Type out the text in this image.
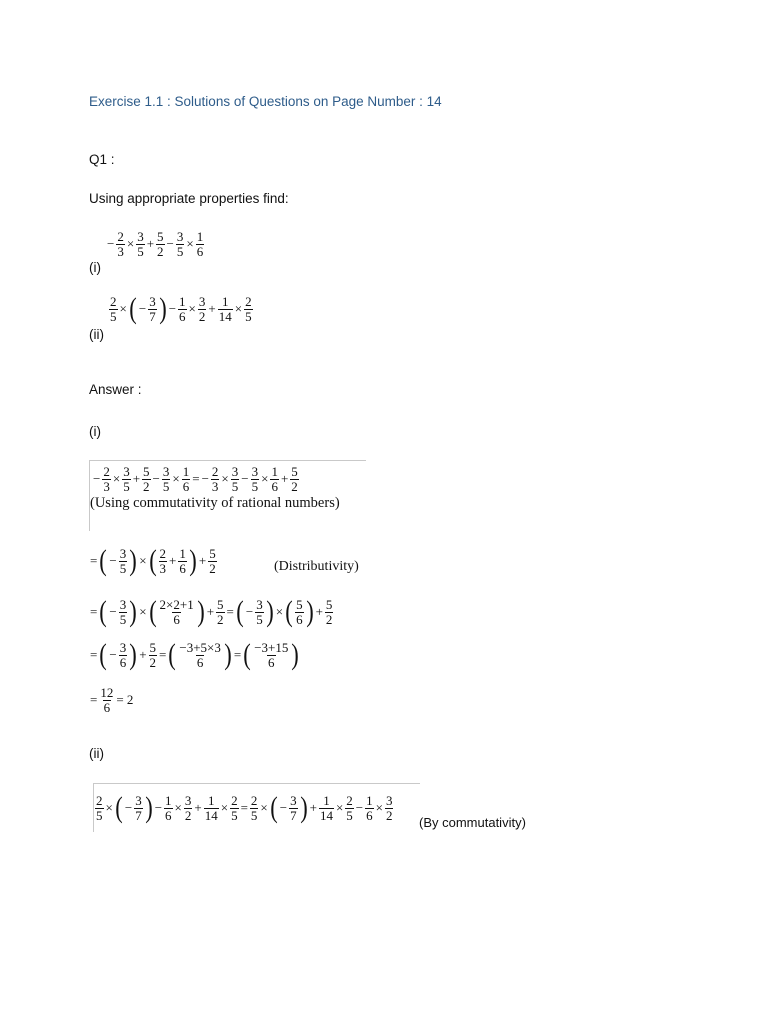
Exercise 1.1 : Solutions of Questions on Page Number : 14
Q1 :
Using appropriate properties find:
(i)
− $\frac{2}{3} \times \frac{3}{5} + \frac{5}{2} - \frac{3}{5} \times \frac{1}{6}$
(ii)
$\frac{2}{5}$ × ( − $\frac{3}{7}$ ) − $\frac{1}{6} \times \frac{3}{2} + \frac{1}{14} \times \frac{2}{5}$
Answer :
(i)
− $\frac{2}{3} \times \frac{3}{5} + \frac{5}{2} - \frac{3}{5} \times \frac{1}{6}$ = − $\frac{2}{3} \times \frac{3}{5} - \frac{3}{5} \times \frac{1}{6} + \frac{5}{2}$
(Using commutativity of rational numbers)
= ( − $\frac{3}{5}$ ) × ( $\frac{2}{3} + \frac{1}{6}$ ) + $\frac{5}{2}$	(Distributivity)
= ( − $\frac{3}{5}$ ) × ( $\frac{2\times 2+1}{6}$ ) + $\frac{5}{2}$ = ( − $\frac{3}{5}$ ) × ( $\frac{5}{6}$ ) + $\frac{5}{2}$
= ( − $\frac{3}{6}$ ) + $\frac{5}{2}$ = ( $\frac{-3+5\times 3}{6}$ ) = ( $\frac{-3+15}{6}$ )
= $\frac{12}{6} = 2$
(ii)
$\frac{2}{5}$ × ( − $\frac{3}{7}$ ) − $\frac{1}{6} \times \frac{3}{2} + \frac{1}{14} \times \frac{2}{5} = \frac{2}{5}$ × ( − $\frac{3}{7}$ ) + $\frac{1}{14} \times \frac{2}{5} - \frac{1}{6} \times \frac{3}{2}$
(By commutativity)
